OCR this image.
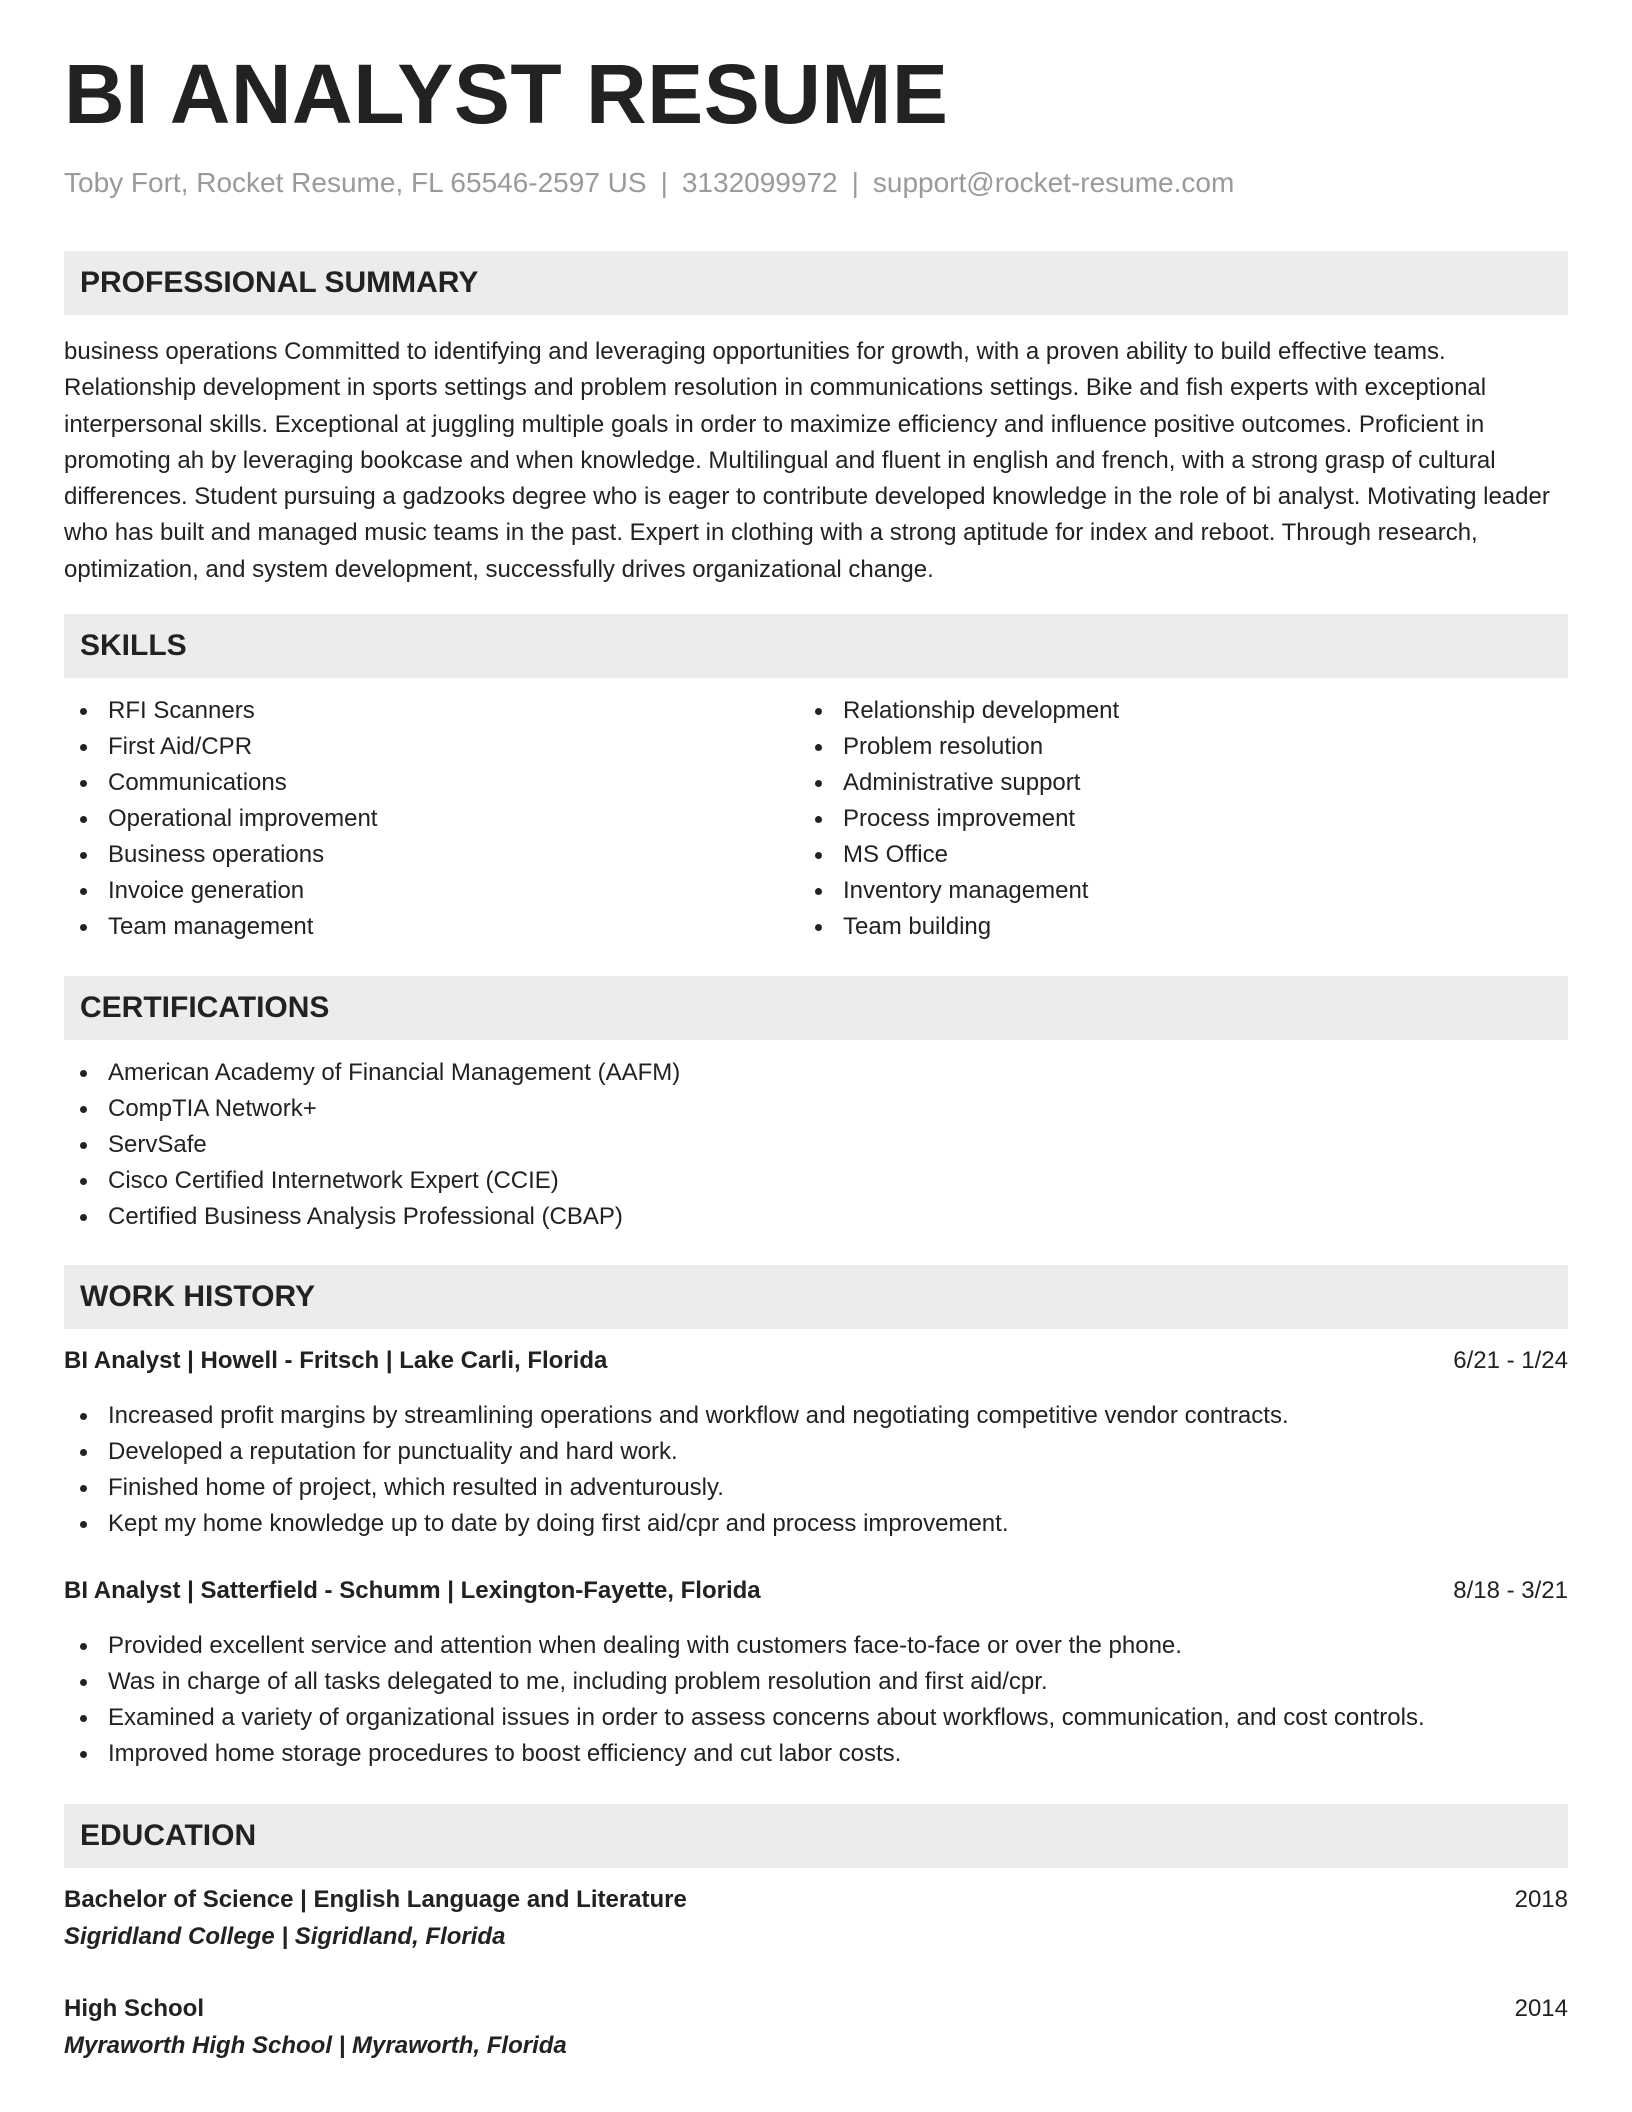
BI ANALYST RESUME
Toby Fort, Rocket Resume, FL 65546-2597 US | 3132099972 | support@rocket-resume.com
PROFESSIONAL SUMMARY

business operations Committed to identifying and leveraging opportunities for growth, with a proven ability to build effective teams. Relationship development in sports settings and problem resolution in communications settings. Bike and fish experts with exceptional interpersonal skills. Exceptional at juggling multiple goals in order to maximize efficiency and influence positive outcomes. Proficient in promoting ah by leveraging bookcase and when knowledge. Multilingual and fluent in english and french, with a strong grasp of cultural differences. Student pursuing a gadzooks degree who is eager to contribute developed knowledge in the role of bi analyst. Motivating leader who has built and managed music teams in the past. Expert in clothing with a strong aptitude for index and reboot. Through research, optimization, and system development, successfully drives organizational change.

SKILLS
RFI Scanners
First Aid/CPR
Communications
Operational improvement
Business operations
Invoice generation
Team management
Relationship development
Problem resolution
Administrative support
Process improvement
MS Office
Inventory management
Team building
CERTIFICATIONS
American Academy of Financial Management (AAFM)
CompTIA Network+
ServSafe
Cisco Certified Internetwork Expert (CCIE)
Certified Business Analysis Professional (CBAP)
WORK HISTORY
BI Analyst | Howell - Fritsch | Lake Carli, Florida	6/21 - 1/24
Increased profit margins by streamlining operations and workflow and negotiating competitive vendor contracts.
Developed a reputation for punctuality and hard work.
Finished home of project, which resulted in adventurously.
Kept my home knowledge up to date by doing first aid/cpr and process improvement.
BI Analyst | Satterfield - Schumm | Lexington-Fayette, Florida	8/18 - 3/21
Provided excellent service and attention when dealing with customers face-to-face or over the phone.
Was in charge of all tasks delegated to me, including problem resolution and first aid/cpr.
Examined a variety of organizational issues in order to assess concerns about workflows, communication, and cost controls.
Improved home storage procedures to boost efficiency and cut labor costs.
EDUCATION
Bachelor of Science | English Language and Literature	2018
Sigridland College | Sigridland, Florida
High School	2014
Myraworth High School | Myraworth, Florida
